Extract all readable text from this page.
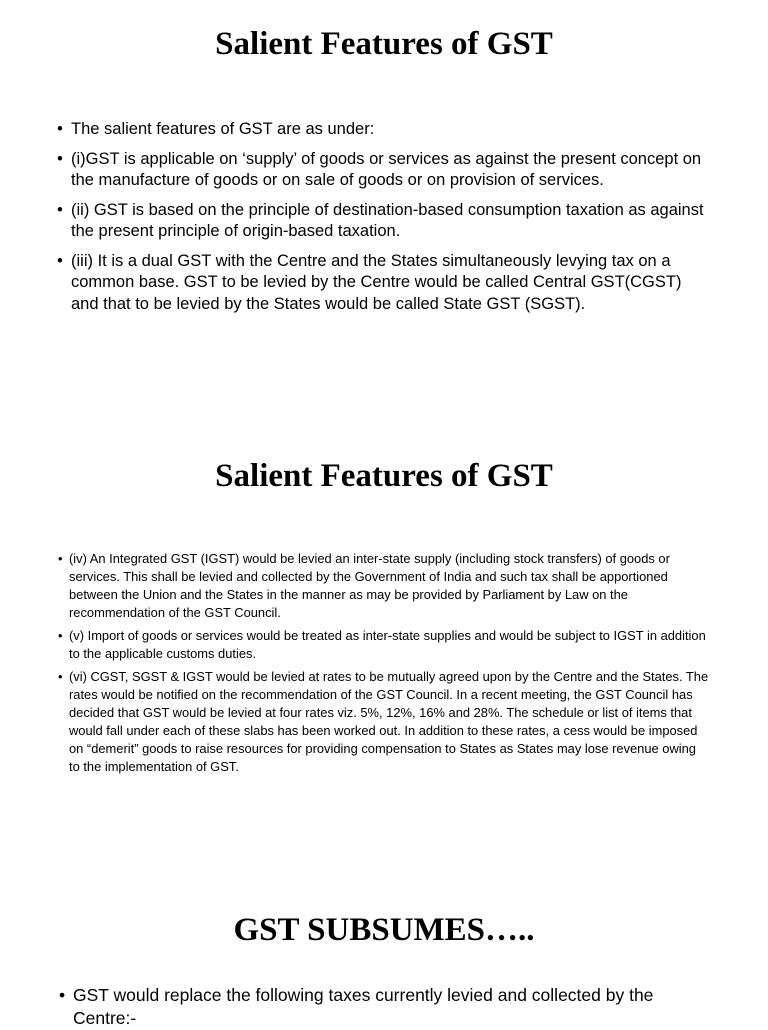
Salient Features of GST
• The salient features of GST are as under:
• (i)GST is applicable on ‘supply’ of goods or services as against the present concept on the manufacture of goods or on sale of goods or on provision of services.
• (ii) GST is based on the principle of destination-based consumption taxation as against the present principle of origin-based taxation.
• (iii) It is a dual GST with the Centre and the States simultaneously levying tax on a common base. GST to be levied by the Centre would be called Central GST(CGST) and that to be levied by the States would be called State GST (SGST).
Salient Features of GST
• (iv) An Integrated GST (IGST) would be levied an inter-state supply (including stock transfers) of goods or services. This shall be levied and collected by the Government of India and such tax shall be apportioned between the Union and the States in the manner as may be provided by Parliament by Law on the recommendation of the GST Council.
• (v) Import of goods or services would be treated as inter-state supplies and would be subject to IGST in addition to the applicable customs duties.
• (vi) CGST, SGST & IGST would be levied at rates to be mutually agreed upon by the Centre and the States. The rates would be notified on the recommendation of the GST Council. In a recent meeting, the GST Council has decided that GST would be levied at four rates viz. 5%, 12%, 16% and 28%. The schedule or list of items that would fall under each of these slabs has been worked out. In addition to these rates, a cess would be imposed on “demerit” goods to raise resources for providing compensation to States as States may lose revenue owing to the implementation of GST.
GST SUBSUMES…..
• GST would replace the following taxes currently levied and collected by the Centre:-
